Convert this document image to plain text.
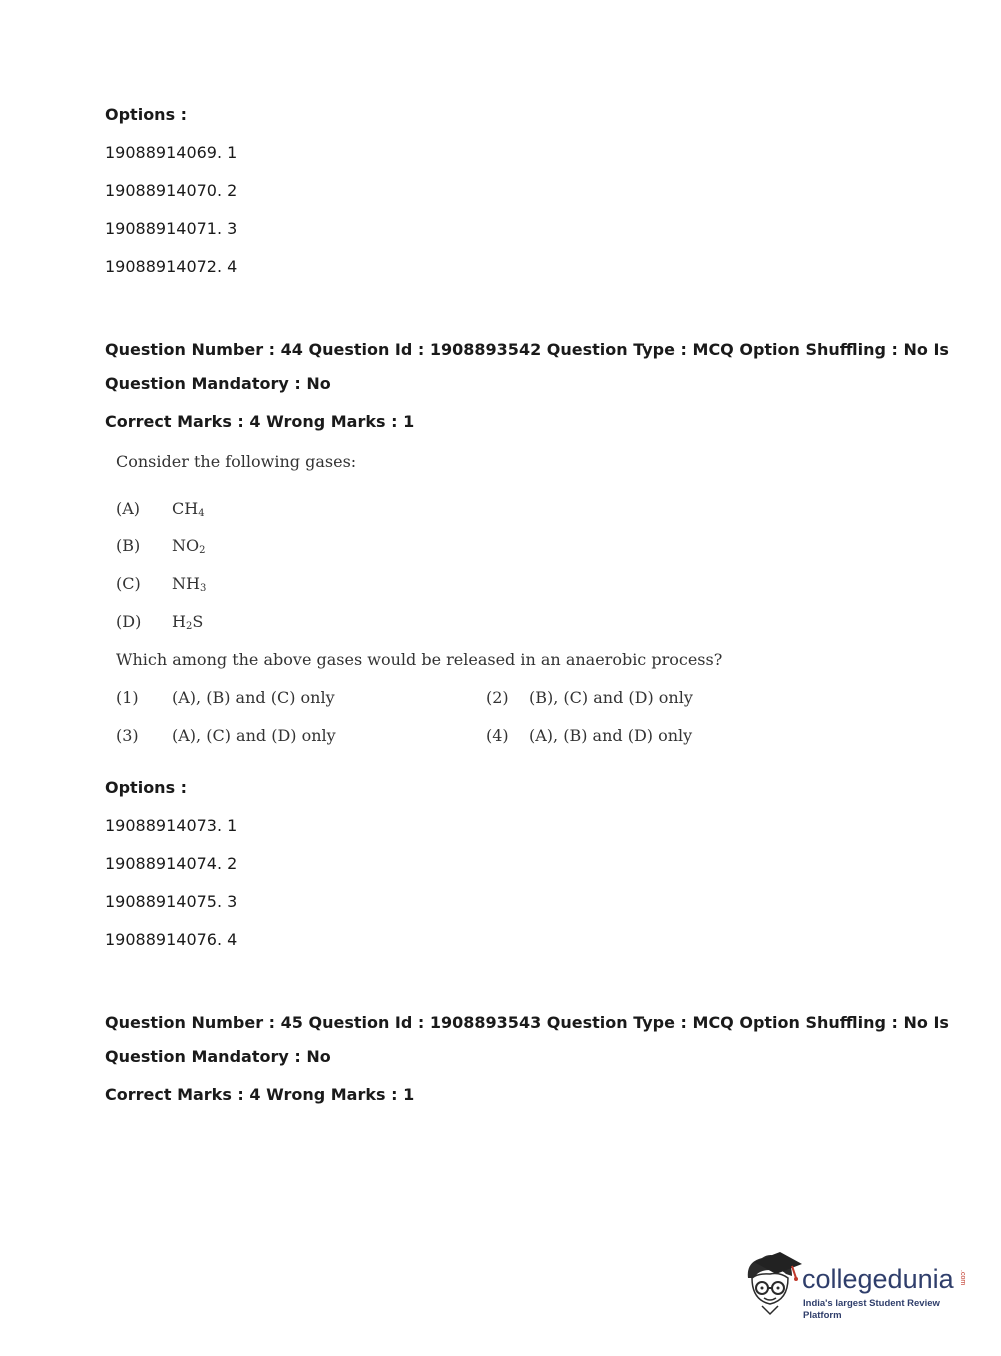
Options :
19088914069. 1
19088914070. 2
19088914071. 3
19088914072. 4
Question Number : 44 Question Id : 1908893542 Question Type : MCQ Option Shuffling : No Is
Question Mandatory : No
Correct Marks : 4 Wrong Marks : 1
Consider the following gases:
(A) $CH_4$
(B) $NO_2$
(C) $NH_3$
(D) $H_2S$
Which among the above gases would be released in an anaerobic process?
(1) (A), (B) and (C) only	(2) (B), (C) and (D) only
(3) (A), (C) and (D) only	(4) (A), (B) and (D) only
Options :
19088914073. 1
19088914074. 2
19088914075. 3
19088914076. 4
Question Number : 45 Question Id : 1908893543 Question Type : MCQ Option Shuffling : No Is
Question Mandatory : No
Correct Marks : 4 Wrong Marks : 1
collegedunia .com
India's largest Student Review Platform
